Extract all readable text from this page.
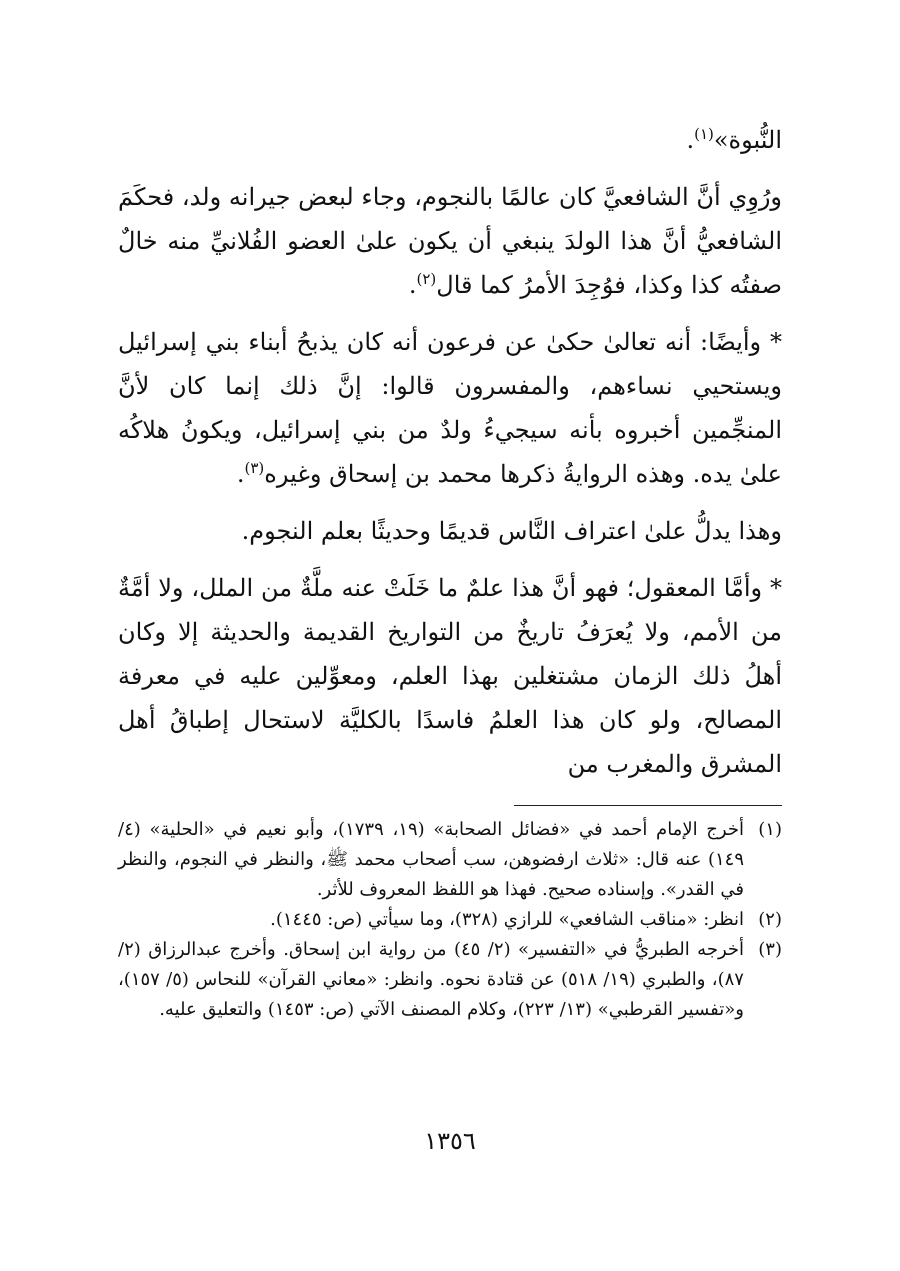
النُّبوة»$^{(١)}$.

ورُوِي أنَّ الشافعيَّ كان عالمًا بالنجوم، وجاء لبعض جيرانه ولد، فحكَمَ الشافعيُّ أنَّ هذا الولدَ ينبغي أن يكون علىٰ العضو الفُلانيِّ منه خالٌ صفتُه كذا وكذا، فوُجِدَ الأمرُ كما قال$^{(٢)}$.

* وأيضًا: أنه تعالىٰ حكىٰ عن فرعون أنه كان يذبحُ أبناء بني إسرائيل ويستحيي نساءهم، والمفسرون قالوا: إنَّ ذلك إنما كان لأنَّ المنجِّمين أخبروه بأنه سيجيءُ ولدٌ من بني إسرائيل، ويكونُ هلاكُه علىٰ يده. وهذه الروايةُ ذكرها محمد بن إسحاق وغيره$^{(٣)}$.

وهذا يدلُّ علىٰ اعتراف النَّاس قديمًا وحديثًا بعلم النجوم.

* وأمَّا المعقول؛ فهو أنَّ هذا علمٌ ما خَلَتْ عنه ملَّةٌ من الملل، ولا أمَّةٌ من الأمم، ولا يُعرَفُ تاريخٌ من التواريخ القديمة والحديثة إلا وكان أهلُ ذلك الزمان مشتغلين بهذا العلم، ومعوِّلين عليه في معرفة المصالح، ولو كان هذا العلمُ فاسدًا بالكليَّة لاستحال إطباقُ أهل المشرق والمغرب من

(١)
أخرج الإمام أحمد في «فضائل الصحابة» (١٩، ١٧٣٩)، وأبو نعيم في «الحلية» (٤/ ١٤٩) عنه قال: «ثلاث ارفضوهن، سب أصحاب محمد ﷺ، والنظر في النجوم، والنظر في القدر». وإسناده صحيح. فهذا هو اللفظ المعروف للأثر.
(٢)
انظر: «مناقب الشافعي» للرازي (٣٢٨)، وما سيأتي (ص: ١٤٤٥).
(٣)
أخرجه الطبريُّ في «التفسير» (٢/ ٤٥) من رواية ابن إسحاق. وأخرج عبدالرزاق (٢/ ٨٧)، والطبري (١٩/ ٥١٨) عن قتادة نحوه. وانظر: «معاني القرآن» للنحاس (٥/ ١٥٧)، و«تفسير القرطبي» (١٣/ ٢٢٣)، وكلام المصنف الآتي (ص: ١٤٥٣) والتعليق عليه.
١٣٥٦
